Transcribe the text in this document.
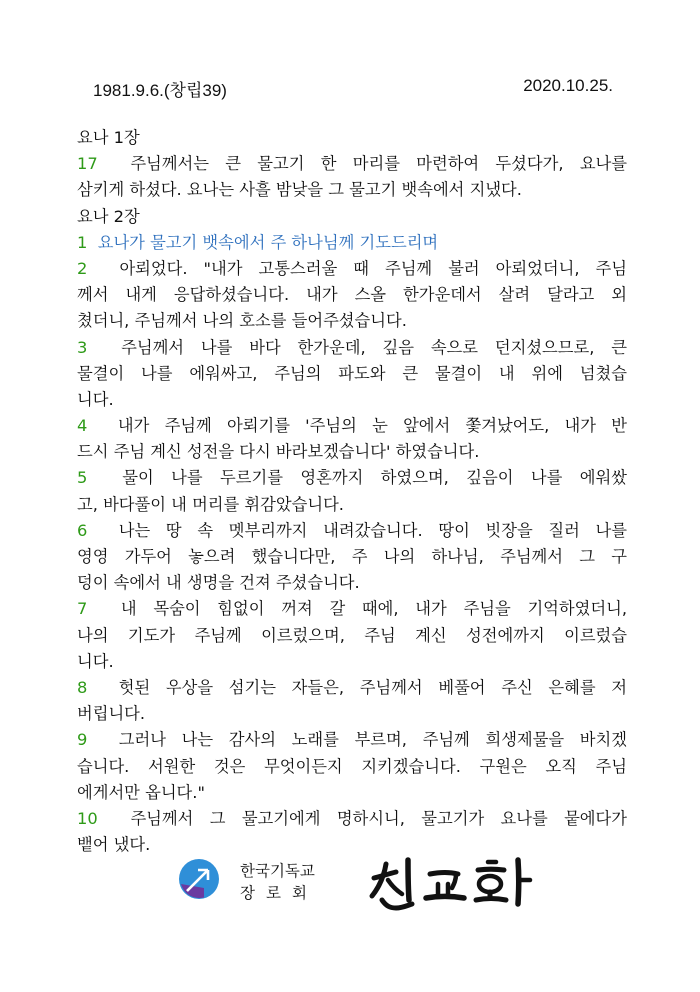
1981.9.6.(창립39)	2020.10.25.
요나 1장
17 주님께서는 큰 물고기 한 마리를 마련하여 두셨다가, 요나를
삼키게 하셨다. 요나는 사흘 밤낮을 그 물고기 뱃속에서 지냈다.
요나 2장
1 요나가 물고기 뱃속에서 주 하나님께 기도드리며
2 아뢰었다. "내가 고통스러울 때 주님께 불러 아뢰었더니, 주님
께서 내게 응답하셨습니다. 내가 스올 한가운데서 살려 달라고 외
쳤더니, 주님께서 나의 호소를 들어주셨습니다.
3 주님께서 나를 바다 한가운데, 깊음 속으로 던지셨으므로, 큰
물결이 나를 에워싸고, 주님의 파도와 큰 물결이 내 위에 넘쳤습
니다.
4 내가 주님께 아뢰기를 '주님의 눈 앞에서 쫓겨났어도, 내가 반
드시 주님 계신 성전을 다시 바라보겠습니다' 하였습니다.
5 물이 나를 두르기를 영혼까지 하였으며, 깊음이 나를 에워쌌
고, 바다풀이 내 머리를 휘감았습니다.
6 나는 땅 속 멧부리까지 내려갔습니다. 땅이 빗장을 질러 나를
영영 가두어 놓으려 했습니다만, 주 나의 하나님, 주님께서 그 구
덩이 속에서 내 생명을 건져 주셨습니다.
7 내 목숨이 힘없이 꺼져 갈 때에, 내가 주님을 기억하였더니,
나의 기도가 주님께 이르렀으며, 주님 계신 성전에까지 이르렀습
니다.
8 헛된 우상을 섬기는 자들은, 주님께서 베풀어 주신 은혜를 저
버립니다.
9 그러나 나는 감사의 노래를 부르며, 주님께 희생제물을 바치겠
습니다. 서원한 것은 무엇이든지 지키겠습니다. 구원은 오직 주님
에게서만 옵니다."
10 주님께서 그 물고기에게 명하시니, 물고기가 요나를 뭍에다가
뱉어 냈다.
한국기독교
장로회
